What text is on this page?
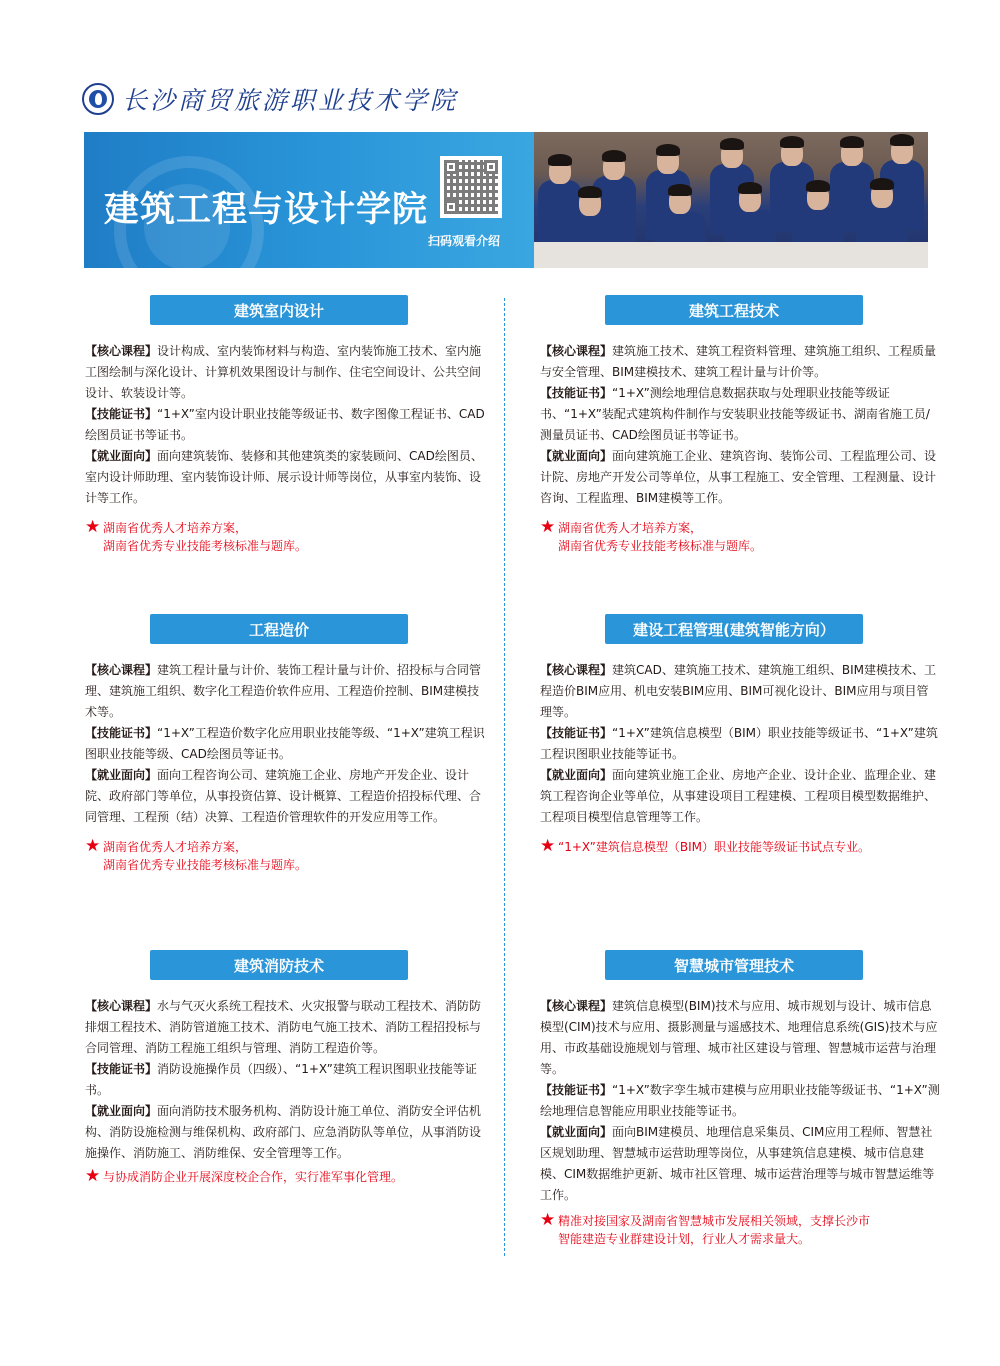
长沙商贸旅游职业技术学院
建筑工程与设计学院
扫码观看介绍
建筑室内设计

【核心课程】设计构成、室内装饰材料与构造、室内装饰施工技术、室内施工图绘制与深化设计、计算机效果图设计与制作、住宅空间设计、公共空间设计、软装设计等。

【技能证书】“1+X”室内设计职业技能等级证书、数字图像工程证书、CAD绘图员证书等证书。

【就业面向】面向建筑装饰、装修和其他建筑类的家装顾问、CAD绘图员、室内设计师助理、室内装饰设计师、展示设计师等岗位，从事室内装饰、设计等工作。

★ 湖南省优秀人才培养方案，
湖南省优秀专业技能考核标准与题库。
建筑工程技术

【核心课程】建筑施工技术、建筑工程资料管理、建筑施工组织、工程质量与安全管理、BIM建模技术、建筑工程计量与计价等。

【技能证书】“1+X”测绘地理信息数据获取与处理职业技能等级证书、“1+X”装配式建筑构件制作与安装职业技能等级证书、湖南省施工员/测量员证书、CAD绘图员证书等证书。

【就业面向】面向建筑施工企业、建筑咨询、装饰公司、工程监理公司、设计院、房地产开发公司等单位，从事工程施工、安全管理、工程测量、设计咨询、工程监理、BIM建模等工作。

★ 湖南省优秀人才培养方案，
湖南省优秀专业技能考核标准与题库。
工程造价

【核心课程】建筑工程计量与计价、装饰工程计量与计价、招投标与合同管理、建筑施工组织、数字化工程造价软件应用、工程造价控制、BIM建模技术等。

【技能证书】“1+X”工程造价数字化应用职业技能等级、“1+X”建筑工程识图职业技能等级、CAD绘图员等证书。

【就业面向】面向工程咨询公司、建筑施工企业、房地产开发企业、设计院、政府部门等单位，从事投资估算、设计概算、工程造价招投标代理、合同管理、工程预（结）决算、工程造价管理软件的开发应用等工作。

★ 湖南省优秀人才培养方案，
湖南省优秀专业技能考核标准与题库。
建设工程管理(建筑智能方向）

【核心课程】建筑CAD、建筑施工技术、建筑施工组织、BIM建模技术、工程造价BIM应用、机电安装BIM应用、BIM可视化设计、BIM应用与项目管理等。

【技能证书】“1+X”建筑信息模型（BIM）职业技能等级证书、“1+X”建筑工程识图职业技能等证书。

【就业面向】面向建筑业施工企业、房地产企业、设计企业、监理企业、建筑工程咨询企业等单位，从事建设项目工程建模、工程项目模型数据维护、工程项目模型信息管理等工作。

★ “1+X”建筑信息模型（BIM）职业技能等级证书试点专业。
建筑消防技术

【核心课程】水与气灭火系统工程技术、火灾报警与联动工程技术、消防防排烟工程技术、消防管道施工技术、消防电气施工技术、消防工程招投标与合同管理、消防工程施工组织与管理、消防工程造价等。

【技能证书】消防设施操作员（四级）、“1+X”建筑工程识图职业技能等证书。

【就业面向】面向消防技术服务机构、消防设计施工单位、消防安全评估机构、消防设施检测与维保机构、政府部门、应急消防队等单位，从事消防设施操作、消防施工、消防维保、安全管理等工作。

★ 与协成消防企业开展深度校企合作，实行准军事化管理。
智慧城市管理技术

【核心课程】建筑信息模型(BIM)技术与应用、城市规划与设计、城市信息模型(CIM)技术与应用、摄影测量与遥感技术、地理信息系统(GIS)技术与应用、市政基础设施规划与管理、城市社区建设与管理、智慧城市运营与治理等。

【技能证书】“1+X”数字孪生城市建模与应用职业技能等级证书、“1+X”测绘地理信息智能应用职业技能等证书。

【就业面向】面向BIM建模员、地理信息采集员、CIM应用工程师、智慧社区规划助理、智慧城市运营助理等岗位，从事建筑信息建模、城市信息建模、CIM数据维护更新、城市社区管理、城市运营治理等与城市智慧运维等工作。

★ 精准对接国家及湖南省智慧城市发展相关领域，支撑长沙市
智能建造专业群建设计划，行业人才需求量大。
